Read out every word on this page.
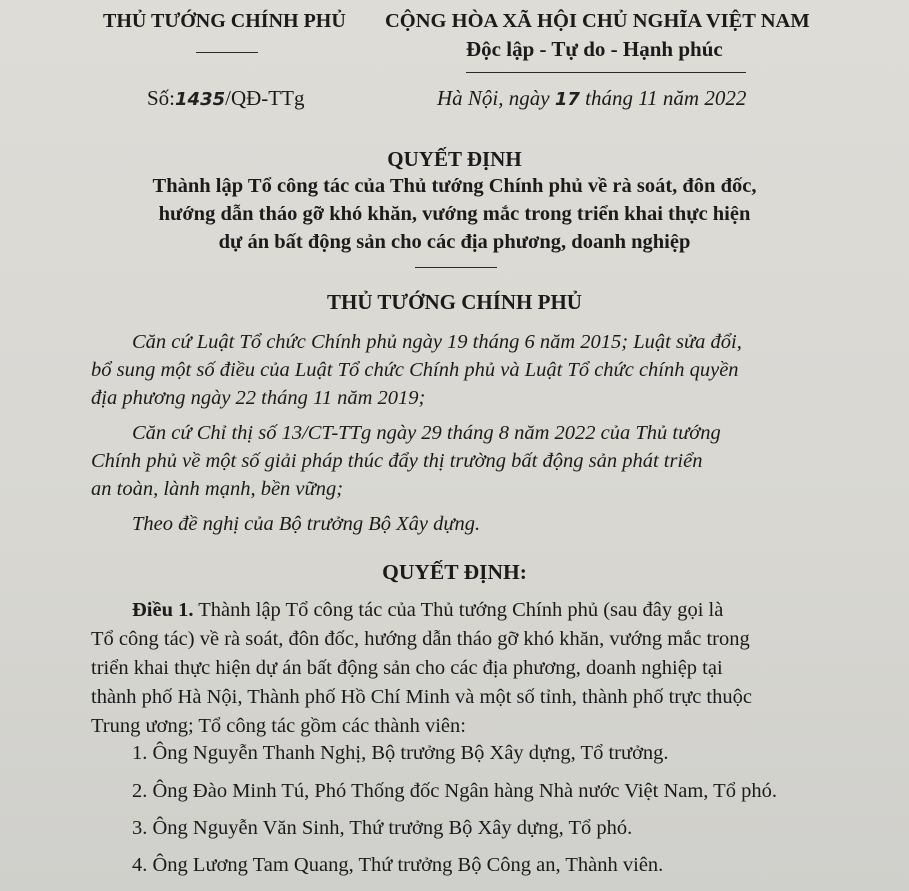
THỦ TƯỚNG CHÍNH PHỦ CỘNG HÒA XÃ HỘI CHỦ NGHĨA VIỆT NAM
Độc lập - Tự do - Hạnh phúc
Số:1435/QĐ-TTg	Hà Nội, ngày 17 tháng 11 năm 2022
QUYẾT ĐỊNH
Thành lập Tổ công tác của Thủ tướng Chính phủ về rà soát, đôn đốc,
hướng dẫn tháo gỡ khó khăn, vướng mắc trong triển khai thực hiện
dự án bất động sản cho các địa phương, doanh nghiệp
THỦ TƯỚNG CHÍNH PHỦ
Căn cứ Luật Tổ chức Chính phủ ngày 19 tháng 6 năm 2015; Luật sửa đổi,
bổ sung một số điều của Luật Tổ chức Chính phủ và Luật Tổ chức chính quyền
địa phương ngày 22 tháng 11 năm 2019;
Căn cứ Chỉ thị số 13/CT-TTg ngày 29 tháng 8 năm 2022 của Thủ tướng
Chính phủ về một số giải pháp thúc đẩy thị trường bất động sản phát triển
an toàn, lành mạnh, bền vững;
Theo đề nghị của Bộ trưởng Bộ Xây dựng.
QUYẾT ĐỊNH:
Điều 1. Thành lập Tổ công tác của Thủ tướng Chính phủ (sau đây gọi là
Tổ công tác) về rà soát, đôn đốc, hướng dẫn tháo gỡ khó khăn, vướng mắc trong
triển khai thực hiện dự án bất động sản cho các địa phương, doanh nghiệp tại
thành phố Hà Nội, Thành phố Hồ Chí Minh và một số tỉnh, thành phố trực thuộc
Trung ương; Tổ công tác gồm các thành viên:
1. Ông Nguyễn Thanh Nghị, Bộ trưởng Bộ Xây dựng, Tổ trưởng.
2. Ông Đào Minh Tú, Phó Thống đốc Ngân hàng Nhà nước Việt Nam, Tổ phó.
3. Ông Nguyễn Văn Sinh, Thứ trưởng Bộ Xây dựng, Tổ phó.
4. Ông Lương Tam Quang, Thứ trưởng Bộ Công an, Thành viên.
